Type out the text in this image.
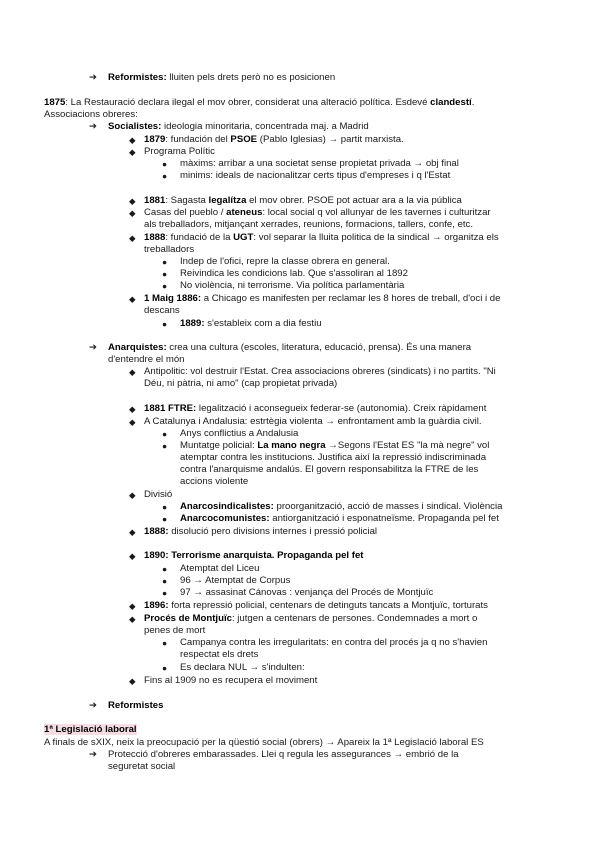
➔ Reformistes: lluiten pels drets però no es posicionen
1875: La Restauració declara ilegal el mov obrer, considerat una alteració política. Esdevé clandestí.
Associacions obreres:
➔ Socialistes: ideologia minoritaria, concentrada maj. a Madrid
◆ 1879: fundación del PSOE (Pablo Iglesias) → partit marxista.
◆ Programa Polític
● màxims: arribar a una societat sense propietat privada → obj final
● minims: ideals de nacionalitzar certs tipus d'empreses i q l'Estat
◆ 1881: Sagasta legalítza el mov obrer. PSOE pot actuar ara a la via pública
◆ Casas del pueblo / ateneus: local social q vol allunyar de les tavernes i culturitzar
als treballadors, mitjançant xerrades, reunions, formacions, tallers, confe, etc.
◆ 1888: fundació de la UGT: vol separar la lluita politica de la sindical → organitza els
treballadors
● Indep de l'ofici, repre la classe obrera en general.
● Reivindica les condicions lab. Que s'assoliran al 1892
● No violència, ni terrorisme. Via política parlamentària
◆ 1 Maig 1886: a Chicago es manifesten per reclamar les 8 hores de treball, d'oci i de
descans
● 1889: s'estableix com a dia festiu
➔ Anarquistes: crea una cultura (escoles, literatura, educació, prensa). És una manera
d'entendre el món
◆ Antipolitic: vol destruir l'Estat. Crea associacions obreres (sindicats) i no partits. "Ni
Déu, ni pàtria, ni amo" (cap propietat privada)
◆ 1881 FTRE: legalització i aconsegueix federar-se (autonomia). Creix ràpidament
◆ A Catalunya i Andalusia: estrtègia violenta → enfrontament amb la guàrdia civil.
● Anys conflictius a Andalusia
● Muntatge policial: La mano negra →Segons l'Estat ES "la mà negre" vol
atemptar contra les institucions. Justifica així la repressió indiscriminada
contra l'anarquisme andalús. El govern responsabilitza la FTRE de les
accions violente
◆ Divisió
● Anarcosindicalistes: proorganització, acció de masses i sindical. Violència
● Anarcocomunistes: antiorganització i esponatneïsme. Propaganda pel fet
◆ 1888: disolució pero divisions internes i pressió policial
◆ 1890: Terrorisme anarquista. Propaganda pel fet
● Atemptat del Liceu
● 96 → Atemptat de Corpus
● 97 → assasinat Cánovas : venjança del Procés de Montjuïc
◆ 1896: forta repressió policial, centenars de detinguts tancats a Montjuïc, torturats
◆ Procés de Montjuïc: jutgen a centenars de persones. Condemnades a mort o
penes de mort
● Campanya contra les irregularitats: en contra del procés ja q no s'havien
respectat els drets
● Es declara NUL → s'indulten:
◆ Fins al 1909 no es recupera el moviment
➔ Reformistes
1ª Legislació laboral
A finals de sXIX, neix la preocupació per la qüestió social (obrers) → Apareix la 1ª Legislació laboral ES
➔ Protecció d'obreres embarassades. Llei q regula les assegurances → embrió de la
seguretat social
